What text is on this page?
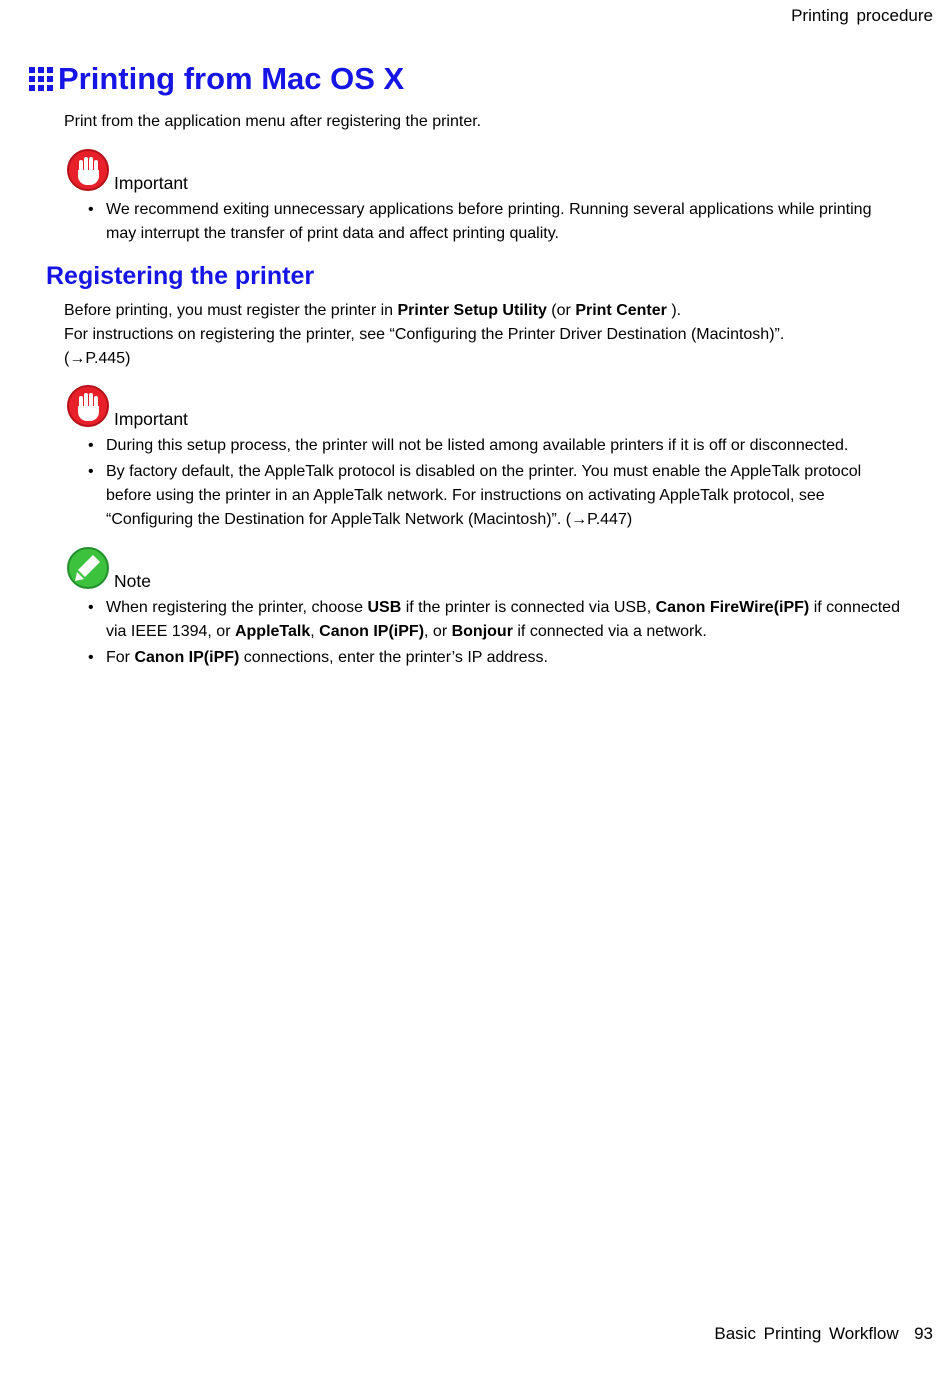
Printing procedure
Printing from Mac OS X
Print from the application menu after registering the printer.
Important
• We recommend exiting unnecessary applications before printing. Running several applications while printing may interrupt the transfer of print data and affect printing quality.
Registering the printer
Before printing, you must register the printer in Printer Setup Utility (or Print Center ).
For instructions on registering the printer, see “Configuring the Printer Driver Destination (Macintosh)”.
(→P.445)
Important
• During this setup process, the printer will not be listed among available printers if it is off or disconnected.
• By factory default, the AppleTalk protocol is disabled on the printer. You must enable the AppleTalk protocol before using the printer in an AppleTalk network. For instructions on activating AppleTalk protocol, see “Configuring the Destination for AppleTalk Network (Macintosh)”. (→P.447)
Note
• When registering the printer, choose USB if the printer is connected via USB, Canon FireWire(iPF) if connected via IEEE 1394, or AppleTalk, Canon IP(iPF), or Bonjour if connected via a network.
• For Canon IP(iPF) connections, enter the printer’s IP address.
Basic Printing Workflow 93
